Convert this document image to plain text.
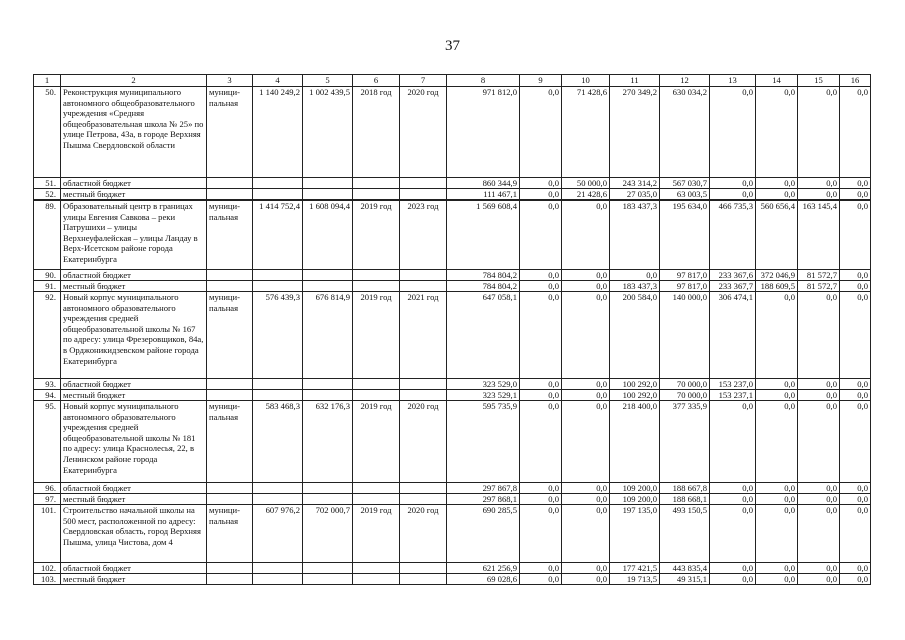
37
1	2	3	4	5	6	7	8	9	10	11	12	13	14	15	16
50.	Реконструкция муниципального автономного общеобразовательного учреждения «Средняя общеобразовательная школа № 25» по улице Петрова, 43а, в городе Верхняя Пышма Свердловской области	муници-пальная	1 140 249,2	1 002 439,5	2018 год	2020 год	971 812,0	0,0	71 428,6	270 349,2	630 034,2	0,0	0,0	0,0	0,0
51.	областной бюджет						860 344,9	0,0	50 000,0	243 314,2	567 030,7	0,0	0,0	0,0	0,0
52.	местный бюджет						111 467,1	0,0	21 428,6	27 035,0	63 003,5	0,0	0,0	0,0	0,0
89.	Образовательный центр в границах улицы Евгения Савкова – реки Патрушихи – улицы Верхнеуфалейская – улицы Ландау в Верх-Исетском районе города Екатеринбурга	муници-пальная	1 414 752,4	1 608 094,4	2019 год	2023 год	1 569 608,4	0,0	0,0	183 437,3	195 634,0	466 735,3	560 656,4	163 145,4	0,0
90.	областной бюджет						784 804,2	0,0	0,0	0,0	97 817,0	233 367,6	372 046,9	81 572,7	0,0
91.	местный бюджет						784 804,2	0,0	0,0	183 437,3	97 817,0	233 367,7	188 609,5	81 572,7	0,0
92.	Новый корпус муниципального автономного образовательного учреждения средней общеобразовательной школы № 167 по адресу: улица Фрезеровщиков, 84а, в Орджоникидзевском районе города Екатеринбурга	муници-пальная	576 439,3	676 814,9	2019 год	2021 год	647 058,1	0,0	0,0	200 584,0	140 000,0	306 474,1	0,0	0,0	0,0
93.	областной бюджет						323 529,0	0,0	0,0	100 292,0	70 000,0	153 237,0	0,0	0,0	0,0
94.	местный бюджет						323 529,1	0,0	0,0	100 292,0	70 000,0	153 237,1	0,0	0,0	0,0
95.	Новый корпус муниципального автономного образовательного учреждения средней общеобразовательной школы № 181 по адресу: улица Краснолесья, 22, в Ленинском районе города Екатеринбурга	муници-пальная	583 468,3	632 176,3	2019 год	2020 год	595 735,9	0,0	0,0	218 400,0	377 335,9	0,0	0,0	0,0	0,0
96.	областной бюджет						297 867,8	0,0	0,0	109 200,0	188 667,8	0,0	0,0	0,0	0,0
97.	местный бюджет						297 868,1	0,0	0,0	109 200,0	188 668,1	0,0	0,0	0,0	0,0
101.	Строительство начальной школы на 500 мест, расположенной по адресу: Свердловская область, город Верхняя Пышма, улица Чистова, дом 4	муници-пальная	607 976,2	702 000,7	2019 год	2020 год	690 285,5	0,0	0,0	197 135,0	493 150,5	0,0	0,0	0,0	0,0
102.	областной бюджет						621 256,9	0,0	0,0	177 421,5	443 835,4	0,0	0,0	0,0	0,0
103.	местный бюджет						69 028,6	0,0	0,0	19 713,5	49 315,1	0,0	0,0	0,0	0,0
